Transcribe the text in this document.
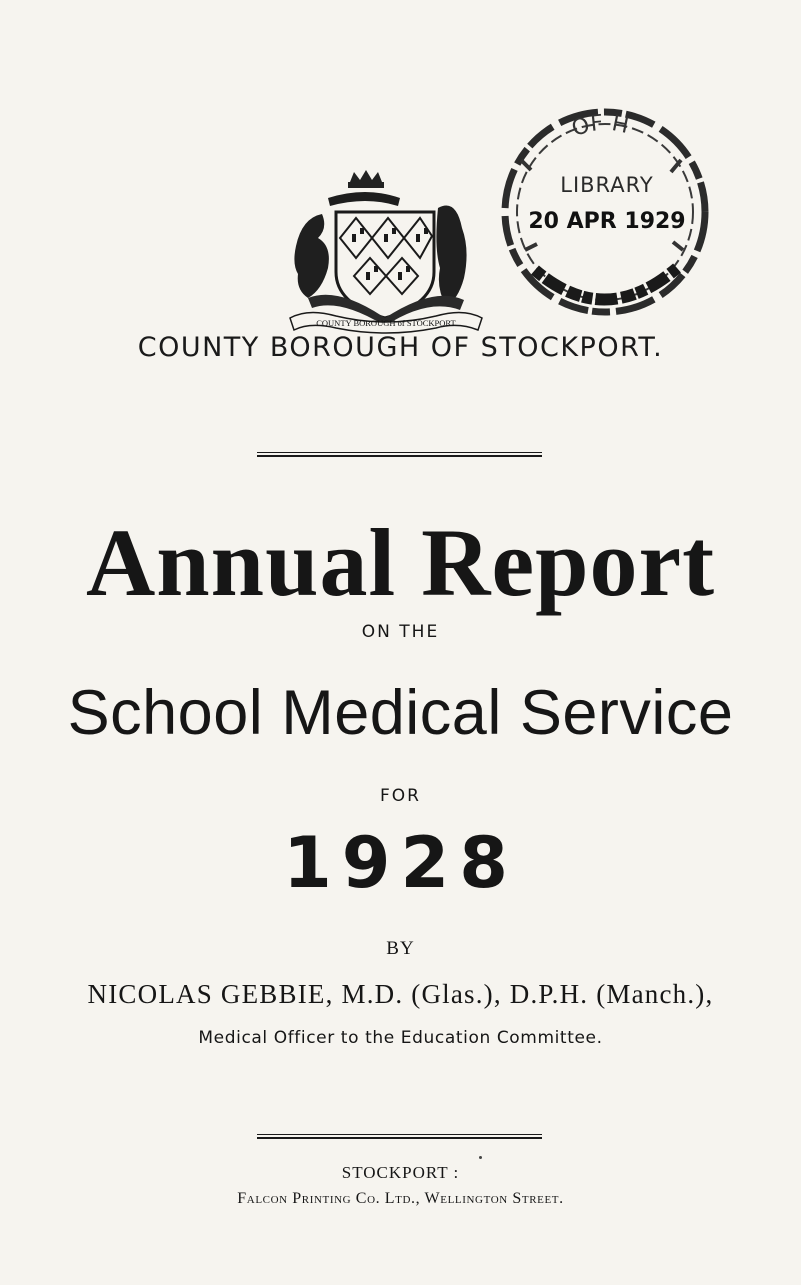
COUNTY BOROUGH of STOCKPORT
OF H
LIBRARY
20 APR 1929
COUNTY BOROUGH OF STOCKPORT.
Annual Report
ON THE
School Medical Service
FOR
1928
BY
NICOLAS GEBBIE, M.D. (Glas.), D.P.H. (Manch.),
Medical Officer to the Education Committee.
STOCKPORT :
Falcon Printing Co. Ltd., Wellington Street.
